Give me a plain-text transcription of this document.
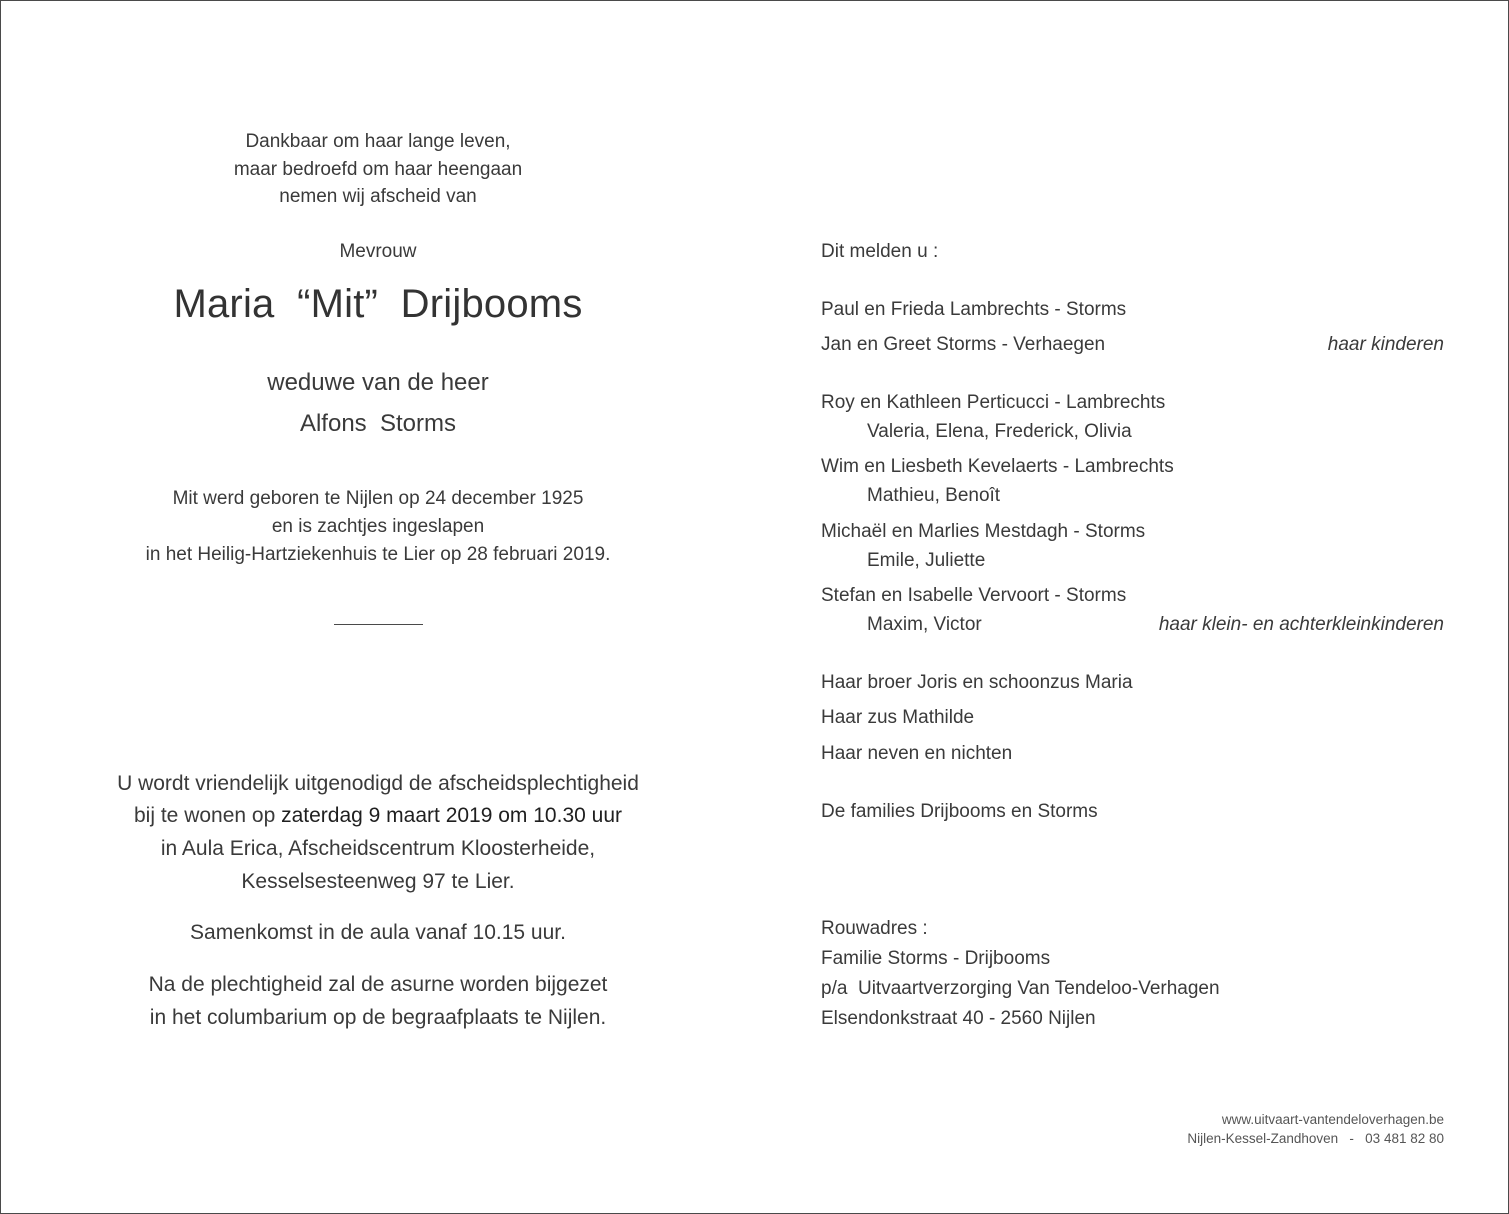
Dankbaar om haar lange leven,
maar bedroefd om haar heengaan
nemen wij afscheid van
Mevrouw
Maria  “Mit”  Drijbooms
weduwe van de heer
Alfons  Storms
Mit werd geboren te Nijlen op 24 december 1925
en is zachtjes ingeslapen
in het Heilig-Hartziekenhuis te Lier op 28 februari 2019.
U wordt vriendelijk uitgenodigd de afscheidsplechtigheid
bij te wonen op zaterdag 9 maart 2019 om 10.30 uur
in Aula Erica, Afscheidscentrum Kloosterheide,
Kesselsesteenweg 97 te Lier.
Samenkomst in de aula vanaf 10.15 uur.
Na de plechtigheid zal de asurne worden bijgezet
in het columbarium op de begraafplaats te Nijlen.
Dit melden u :
Paul en Frieda Lambrechts - Storms
Jan en Greet Storms - Verhaegen	haar kinderen
Roy en Kathleen Perticucci - Lambrechts
Valeria, Elena, Frederick, Olivia
Wim en Liesbeth Kevelaerts - Lambrechts
Mathieu, Benoît
Michaël en Marlies Mestdagh - Storms
Emile, Juliette
Stefan en Isabelle Vervoort - Storms
Maxim, Victor	haar klein- en achterkleinkinderen
Haar broer Joris en schoonzus Maria
Haar zus Mathilde
Haar neven en nichten
De families Drijbooms en Storms
Rouwadres :
Familie Storms - Drijbooms
p/a  Uitvaartverzorging Van Tendeloo-Verhagen
Elsendonkstraat 40 - 2560 Nijlen
www.uitvaart-vantendeloverhagen.be
Nijlen-Kessel-Zandhoven   -   03 481 82 80
